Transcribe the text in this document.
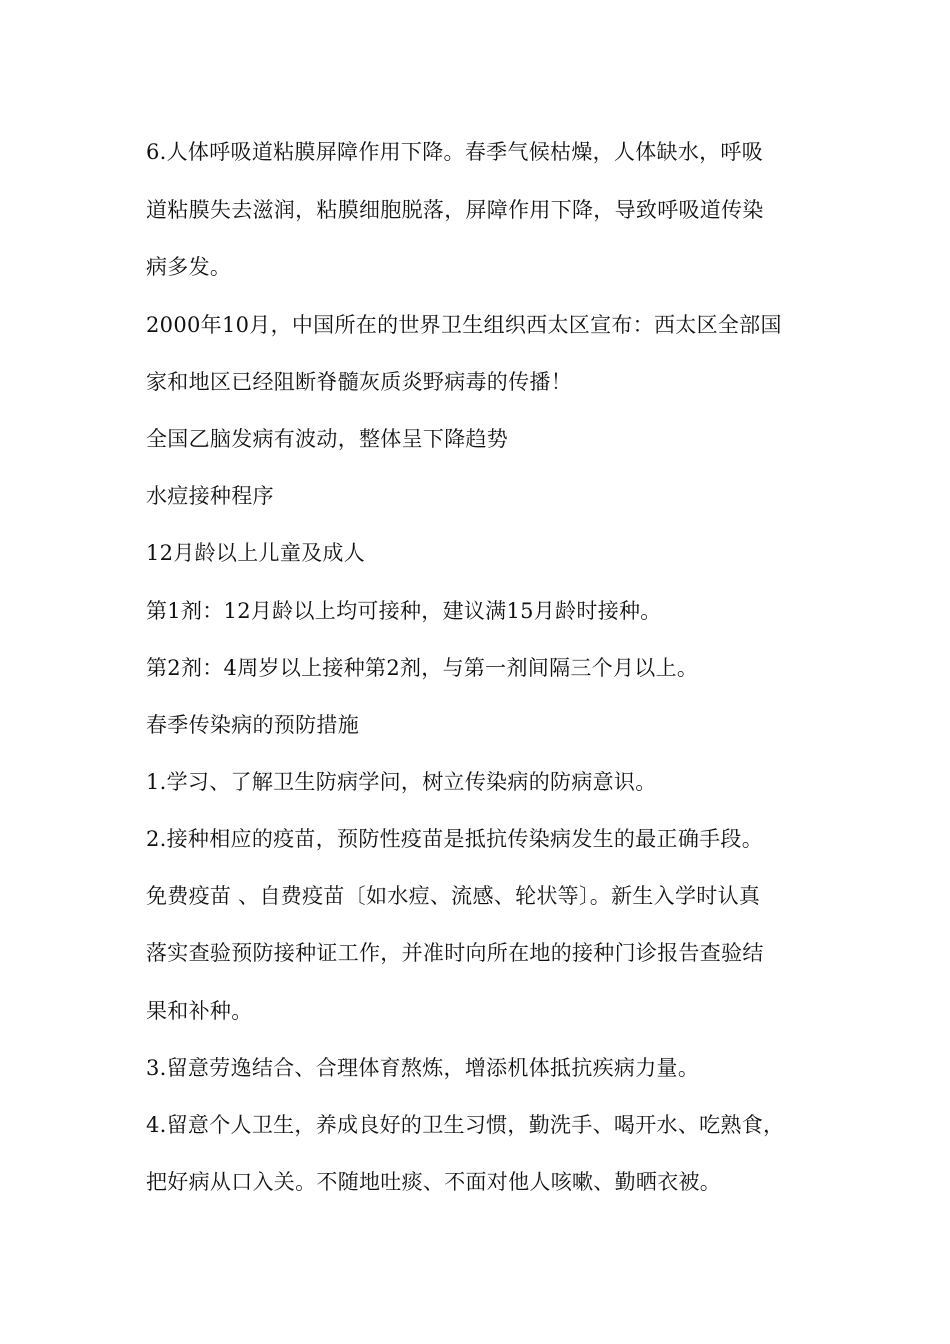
6.人体呼吸道粘膜屏障作用下降。春季气候枯燥，人体缺水，呼吸
道粘膜失去滋润，粘膜细胞脱落，屏障作用下降，导致呼吸道传染
病多发。
2000年10月，中国所在的世界卫生组织西太区宣布：西太区全部国
家和地区已经阻断脊髓灰质炎野病毒的传播！
全国乙脑发病有波动，整体呈下降趋势
水痘接种程序
12月龄以上儿童及成人
第1剂：12月龄以上均可接种，建议满15月龄时接种。
第2剂：4周岁以上接种第2剂，与第一剂间隔三个月以上。
春季传染病的预防措施
1.学习、了解卫生防病学问，树立传染病的防病意识。
2.接种相应的疫苗，预防性疫苗是抵抗传染病发生的最正确手段。
免费疫苗 、自费疫苗〔如水痘、流感、轮状等〕。新生入学时认真
落实查验预防接种证工作，并准时向所在地的接种门诊报告查验结
果和补种。
3.留意劳逸结合、合理体育熬炼，增添机体抵抗疾病力量。
4.留意个人卫生，养成良好的卫生习惯，勤洗手、喝开水、吃熟食，
把好病从口入关。不随地吐痰、不面对他人咳嗽、勤晒衣被。
